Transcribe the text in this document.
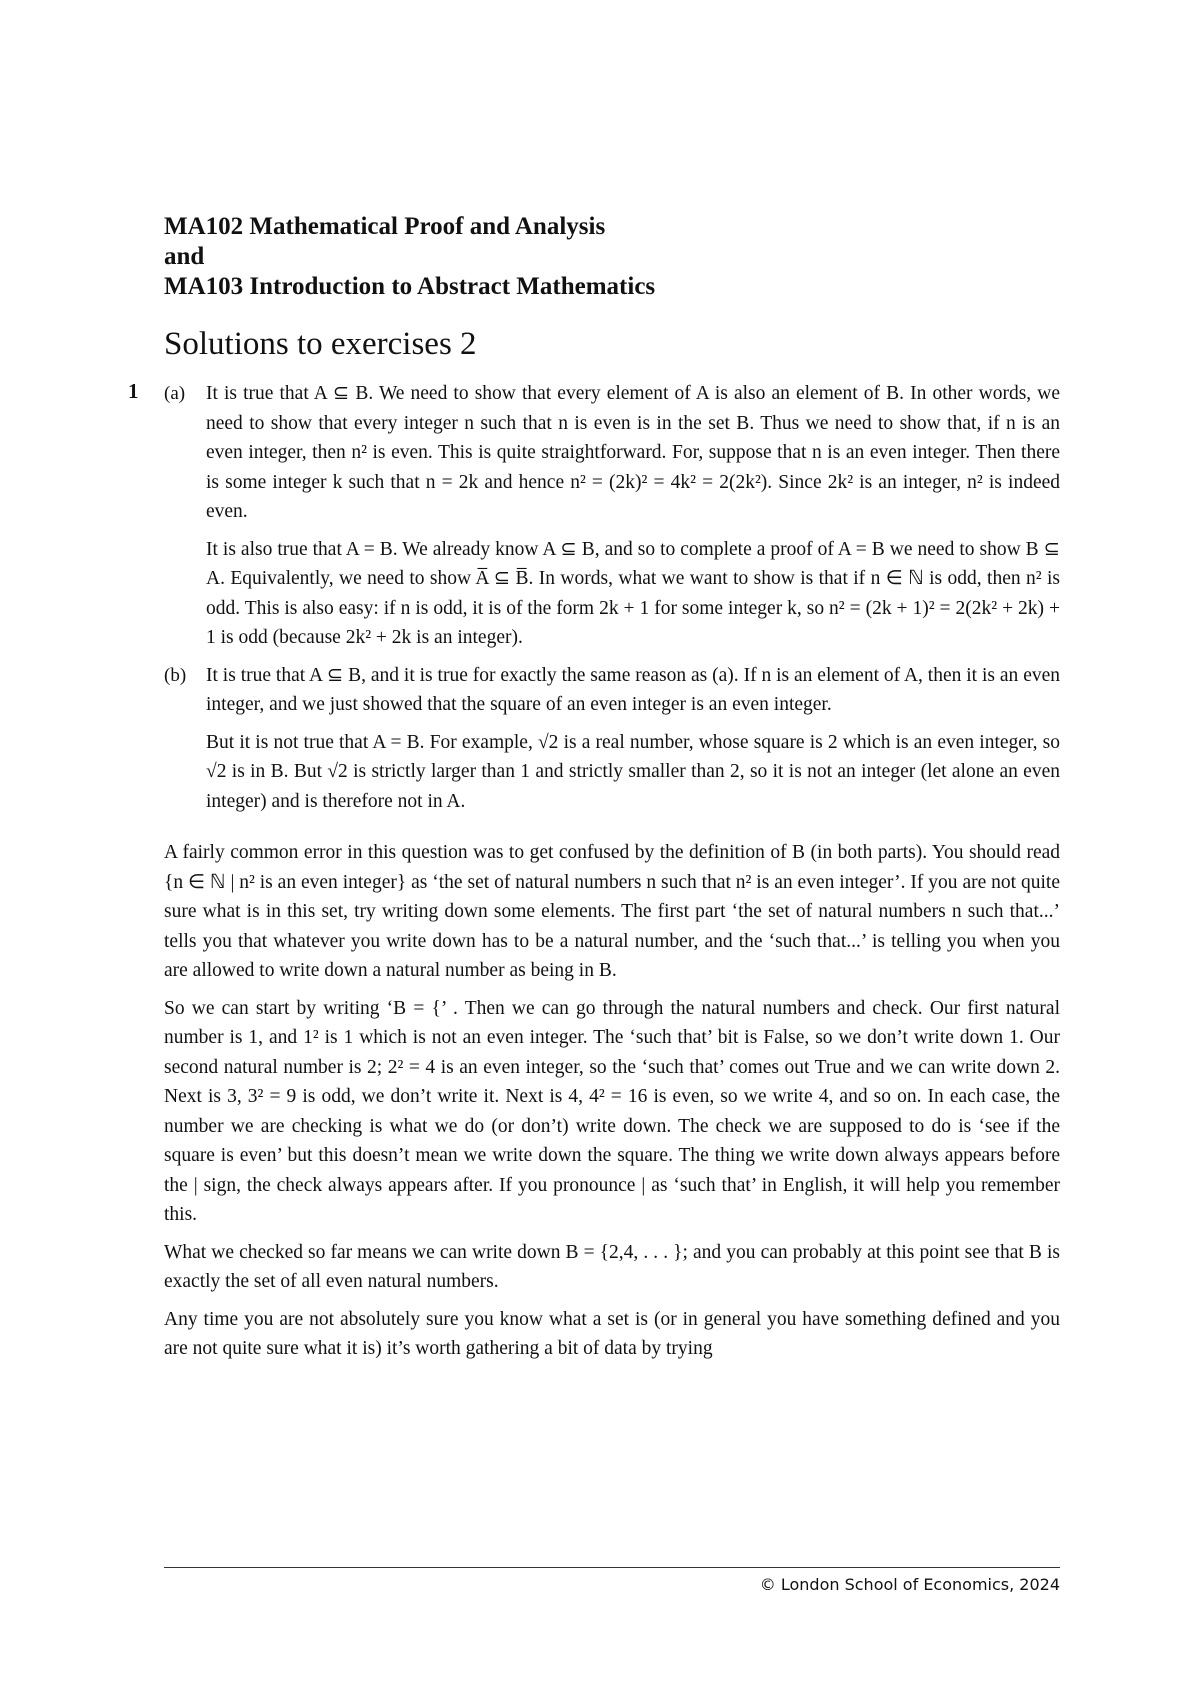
MA102 Mathematical Proof and Analysis
and
MA103 Introduction to Abstract Mathematics
Solutions to exercises 2
1 (a)	It is true that A ⊆ B. We need to show that every element of A is also an element of B. In other words, we need to show that every integer n such that n is even is in the set B. Thus we need to show that, if n is an even integer, then n² is even. This is quite straightforward. For, suppose that n is an even integer. Then there is some integer k such that n = 2k and hence n² = (2k)² = 4k² = 2(2k²). Since 2k² is an integer, n² is indeed even.

It is also true that A = B. We already know A ⊆ B, and so to complete a proof of A = B we need to show B ⊆ A. Equivalently, we need to show A̅ ⊆ B̅. In words, what we want to show is that if n ∈ ℕ is odd, then n² is odd. This is also easy: if n is odd, it is of the form 2k + 1 for some integer k, so n² = (2k + 1)² = 2(2k² + 2k) + 1 is odd (because 2k² + 2k is an integer).

(b)	It is true that A ⊆ B, and it is true for exactly the same reason as (a). If n is an element of A, then it is an even integer, and we just showed that the square of an even integer is an even integer.

But it is not true that A = B. For example, √2 is a real number, whose square is 2 which is an even integer, so √2 is in B. But √2 is strictly larger than 1 and strictly smaller than 2, so it is not an integer (let alone an even integer) and is therefore not in A.

A fairly common error in this question was to get confused by the definition of B (in both parts). You should read {n ∈ ℕ | n² is an even integer} as ‘the set of natural numbers n such that n² is an even integer’. If you are not quite sure what is in this set, try writing down some elements. The first part ‘the set of natural numbers n such that...’ tells you that whatever you write down has to be a natural number, and the ‘such that...’ is telling you when you are allowed to write down a natural number as being in B.

So we can start by writing ‘B = {’ . Then we can go through the natural numbers and check. Our first natural number is 1, and 1² is 1 which is not an even integer. The ‘such that’ bit is False, so we don’t write down 1. Our second natural number is 2; 2² = 4 is an even integer, so the ‘such that’ comes out True and we can write down 2. Next is 3, 3² = 9 is odd, we don’t write it. Next is 4, 4² = 16 is even, so we write 4, and so on. In each case, the number we are checking is what we do (or don’t) write down. The check we are supposed to do is ‘see if the square is even’ but this doesn’t mean we write down the square. The thing we write down always appears before the | sign, the check always appears after. If you pronounce | as ‘such that’ in English, it will help you remember this.

What we checked so far means we can write down B = {2,4, . . . }; and you can probably at this point see that B is exactly the set of all even natural numbers.

Any time you are not absolutely sure you know what a set is (or in general you have something defined and you are not quite sure what it is) it’s worth gathering a bit of data by trying

© London School of Economics, 2024
